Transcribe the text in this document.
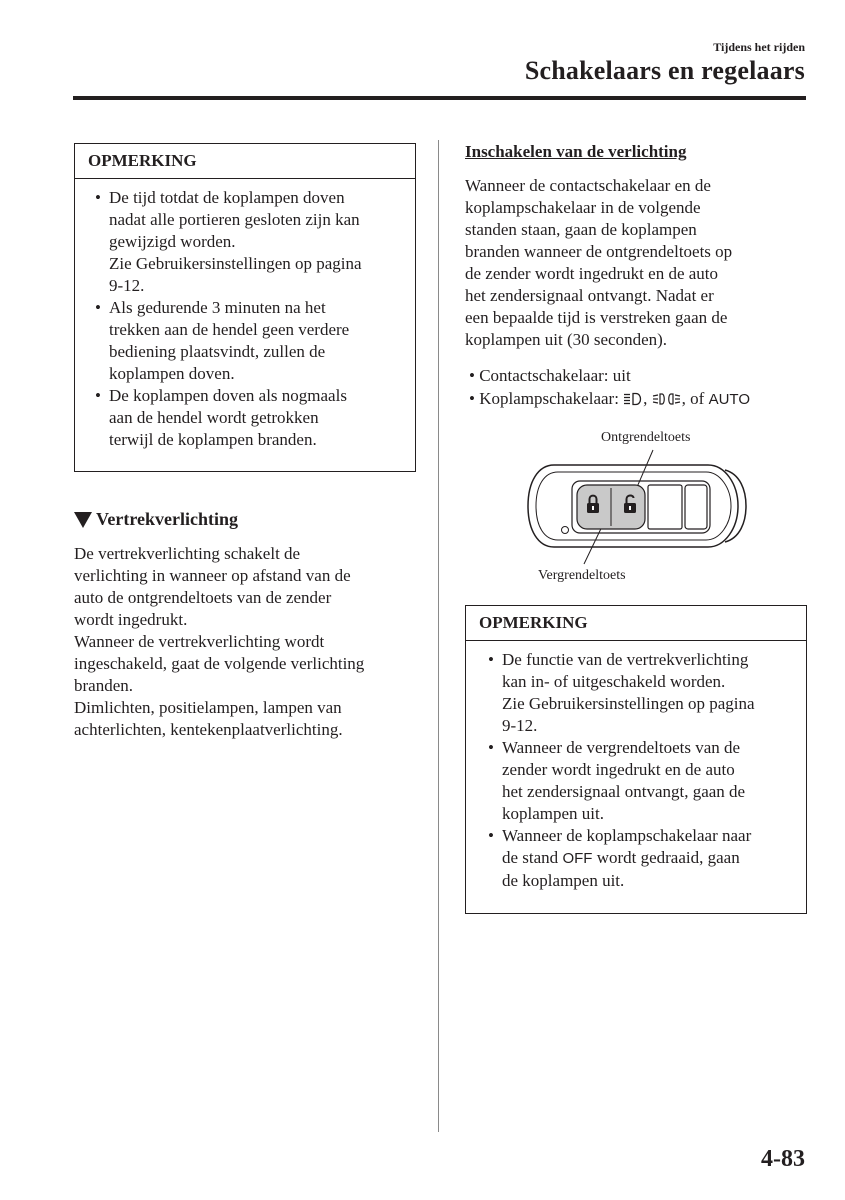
Tijdens het rijden
Schakelaars en regelaars
OPMERKING
• De tijd totdat de koplampen doven
nadat alle portieren gesloten zijn kan
gewijzigd worden.
Zie Gebruikersinstellingen op pagina
9-12.
• Als gedurende 3 minuten na het
trekken aan de hendel geen verdere
bediening plaatsvindt, zullen de
koplampen doven.
• De koplampen doven als nogmaals
aan de hendel wordt getrokken
terwijl de koplampen branden.
Vertrekverlichting
De vertrekverlichting schakelt de
verlichting in wanneer op afstand van de
auto de ontgrendeltoets van de zender
wordt ingedrukt.
Wanneer de vertrekverlichting wordt
ingeschakeld, gaat de volgende verlichting
branden.
Dimlichten, positielampen, lampen van
achterlichten, kentekenplaatverlichting.
Inschakelen van de verlichting
Wanneer de contactschakelaar en de
koplampschakelaar in de volgende
standen staan, gaan de koplampen
branden wanneer de ontgrendeltoets op
de zender wordt ingedrukt en de auto
het zendersignaal ontvangt. Nadat er
een bepaalde tijd is verstreken gaan de
koplampen uit (30 seconden).
• Contactschakelaar: uit
• Koplampschakelaar: , , of AUTO
Ontgrendeltoets
Vergrendeltoets
OPMERKING
• De functie van de vertrekverlichting
kan in- of uitgeschakeld worden.
Zie Gebruikersinstellingen op pagina
9-12.
• Wanneer de vergrendeltoets van de
zender wordt ingedrukt en de auto
het zendersignaal ontvangt, gaan de
koplampen uit.
• Wanneer de koplampschakelaar naar
de stand OFF wordt gedraaid, gaan
de koplampen uit.
4-83
